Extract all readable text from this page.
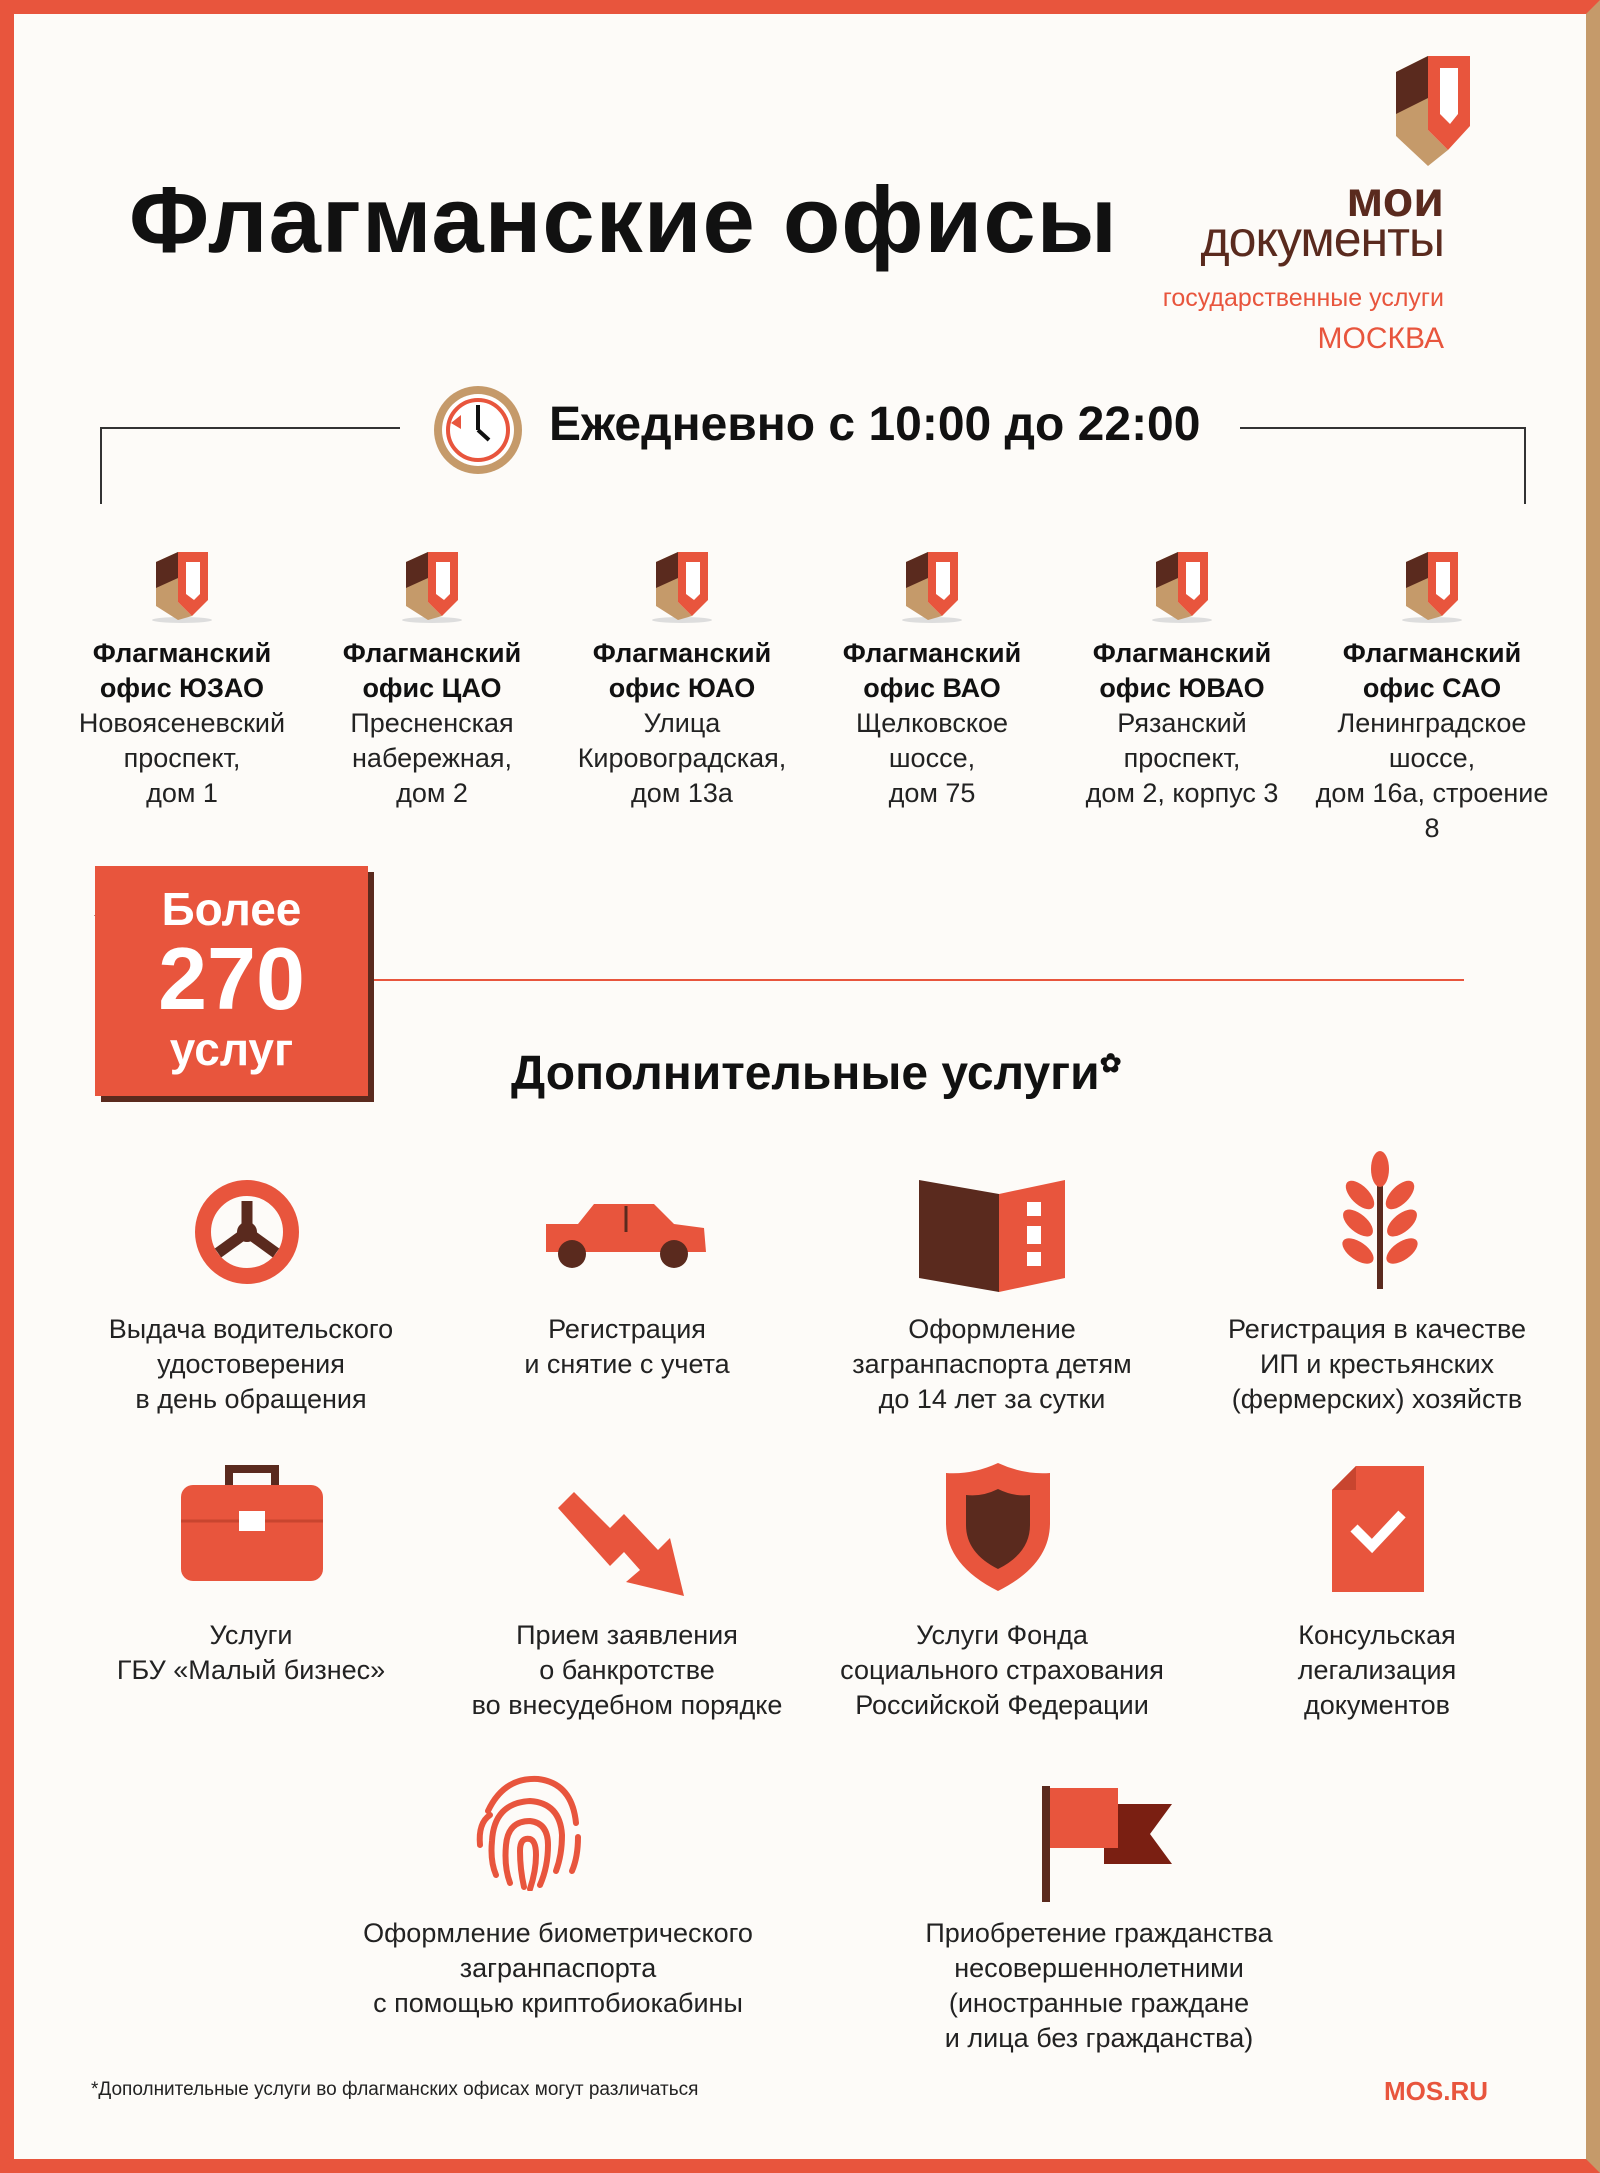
Флагманские офисы	мои
документы
государственные услуги
МОСКВА
Ежедневно с 10:00 до 22:00
Флагманский
офис ЮЗАО
Новоясеневский
проспект,
дом 1
Флагманский
офис ЦАО
Пресненская
набережная,
дом 2
Флагманский
офис ЮАО
Улица
Кировоградская,
дом 13а
Флагманский
офис ВАО
Щелковское
шоссе,
дом 75
Флагманский
офис ЮВАО
Рязанский
проспект,
дом 2, корпус 3
Флагманский
офис САО
Ленинградское
шоссе,
дом 16а, строение 8
Более
270
услуг	Дополнительные услуги✿
Выдача водительского
удостоверения
в день обращения
Регистрация
и снятие с учета
Оформление
загранпаспорта детям
до 14 лет за сутки
Регистрация в качестве
ИП и крестьянских
(фермерских) хозяйств
Услуги
ГБУ «Малый бизнес»
Прием заявления
о банкротстве
во внесудебном порядке
Услуги Фонда
социального страхования
Российской Федерации
Консульская
легализация
документов
Оформление биометрического
загранпаспорта
с помощью криптобиокабины
Приобретение гражданства
несовершеннолетними
(иностранные граждане
и лица без гражданства)
*Дополнительные услуги во флагманских офисах могут различаться	MOS.RU
